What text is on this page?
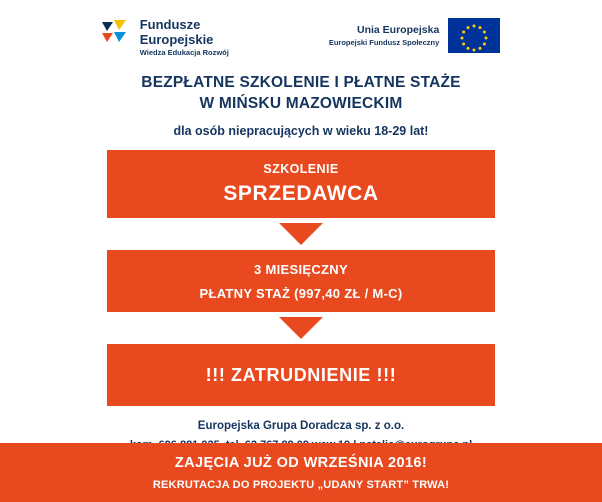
Fundusze
Europejskie
Wiedza Edukacja Rozwój
Unia Europejska
Europejski Fundusz Społeczny
BEZPŁATNE SZKOLENIE I PŁATNE STAŻE
W MIŃSKU MAZOWIECKIM
dla osób niepracujących w wieku 18-29 lat!
SZKOLENIE
SPRZEDAWCA
3 MIESIĘCZNY
PŁATNY STAŻ (997,40 ZŁ / M-C)
!!! ZATRUDNIENIE !!!
Europejska Grupa Doradcza sp. z o.o.
ZAJĘCIA JUŻ OD WRZEŚNIA 2016!
REKRUTACJA DO PROJEKTU „UDANY START” TRWA!
